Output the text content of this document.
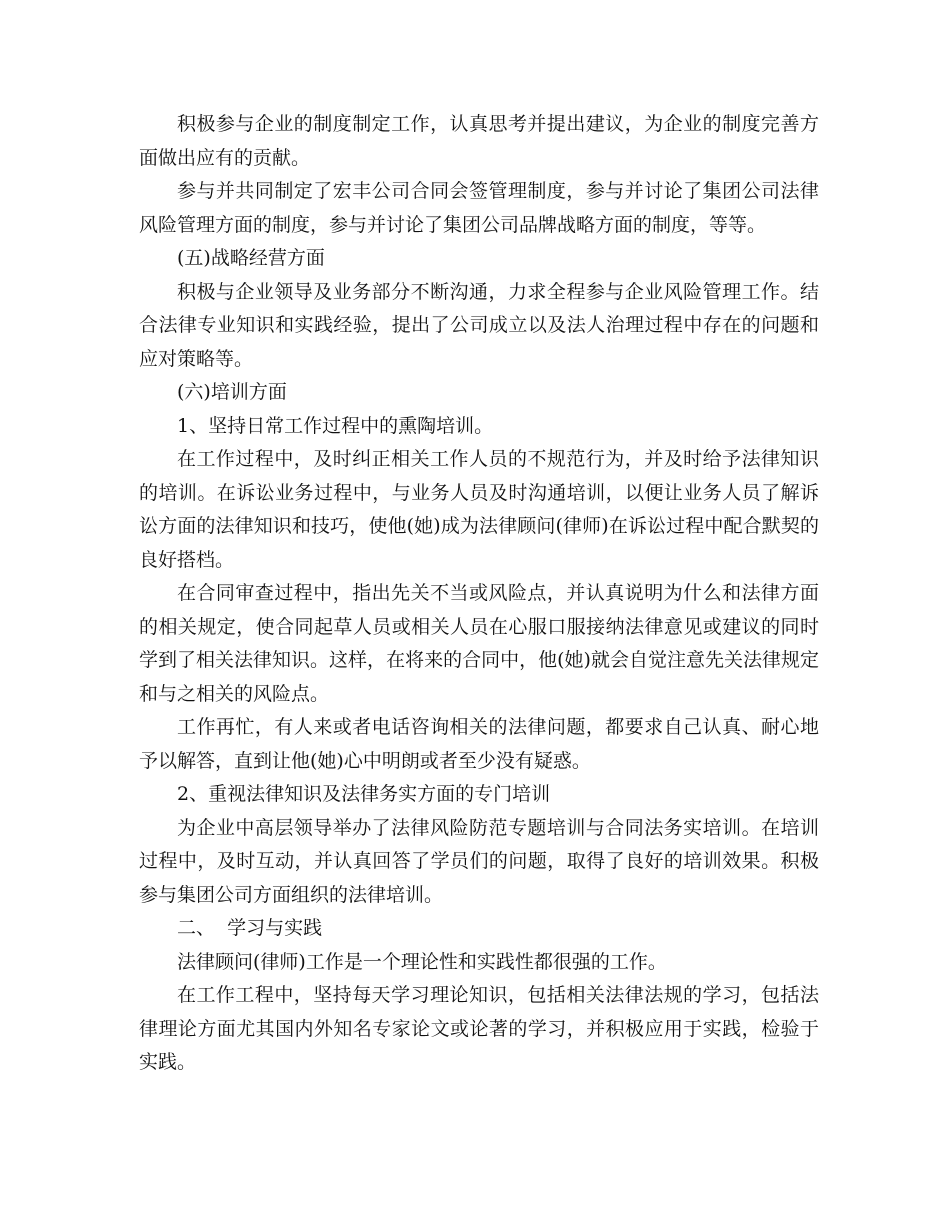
积极参与企业的制度制定工作，认真思考并提出建议，为企业的制度完善方面做出应有的贡献。

参与并共同制定了宏丰公司合同会签管理制度，参与并讨论了集团公司法律风险管理方面的制度，参与并讨论了集团公司品牌战略方面的制度，等等。

(五)战略经营方面

积极与企业领导及业务部分不断沟通，力求全程参与企业风险管理工作。结合法律专业知识和实践经验，提出了公司成立以及法人治理过程中存在的问题和应对策略等。

(六)培训方面

1、坚持日常工作过程中的熏陶培训。

在工作过程中，及时纠正相关工作人员的不规范行为，并及时给予法律知识的培训。在诉讼业务过程中，与业务人员及时沟通培训，以便让业务人员了解诉讼方面的法律知识和技巧，使他(她)成为法律顾问(律师)在诉讼过程中配合默契的良好搭档。

在合同审查过程中，指出先关不当或风险点，并认真说明为什么和法律方面的相关规定，使合同起草人员或相关人员在心服口服接纳法律意见或建议的同时学到了相关法律知识。这样，在将来的合同中，他(她)就会自觉注意先关法律规定和与之相关的风险点。

工作再忙，有人来或者电话咨询相关的法律问题，都要求自己认真、耐心地予以解答，直到让他(她)心中明朗或者至少没有疑惑。

2、重视法律知识及法律务实方面的专门培训

为企业中高层领导举办了法律风险防范专题培训与合同法务实培训。在培训过程中，及时互动，并认真回答了学员们的问题，取得了良好的培训效果。积极参与集团公司方面组织的法律培训。

二、  学习与实践

法律顾问(律师)工作是一个理论性和实践性都很强的工作。

在工作工程中，坚持每天学习理论知识，包括相关法律法规的学习，包括法律理论方面尤其国内外知名专家论文或论著的学习，并积极应用于实践，检验于实践。
